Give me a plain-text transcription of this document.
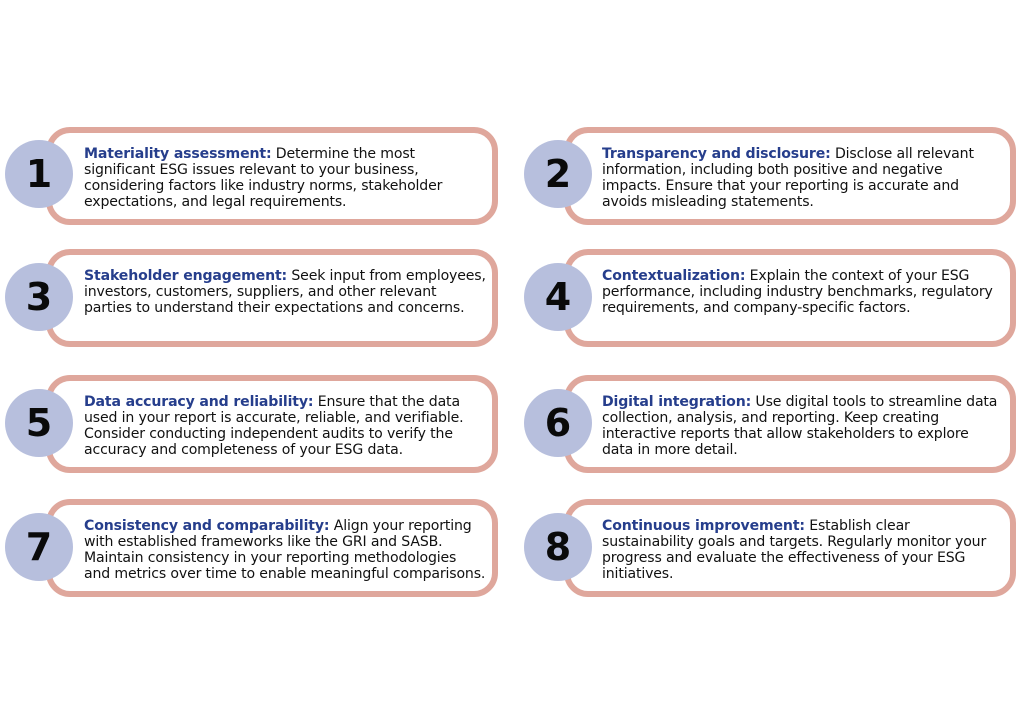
Materiality assessment: Determine the most significant ESG issues relevant to your business, considering factors like industry norms, stakeholder expectations, and legal requirements.
1	Transparency and disclosure: Disclose all relevant information, including both positive and negative impacts. Ensure that your reporting is accurate and avoids misleading statements.
2
Stakeholder engagement: Seek input from employees, investors, customers, suppliers, and other relevant parties to understand their expectations and concerns.
3	Contextualization: Explain the context of your ESG performance, including industry benchmarks, regulatory requirements, and company-specific factors.
4
Data accuracy and reliability: Ensure that the data used in your report is accurate, reliable, and verifiable. Consider conducting independent audits to verify the accuracy and completeness of your ESG data.
5	Digital integration: Use digital tools to streamline data collection, analysis, and reporting. Keep creating interactive reports that allow stakeholders to explore data in more detail.
6
Consistency and comparability: Align your reporting with established frameworks like the GRI and SASB. Maintain consistency in your reporting methodologies and metrics over time to enable meaningful comparisons.
7	Continuous improvement: Establish clear sustainability goals and targets. Regularly monitor your progress and evaluate the effectiveness of your ESG initiatives.
8
